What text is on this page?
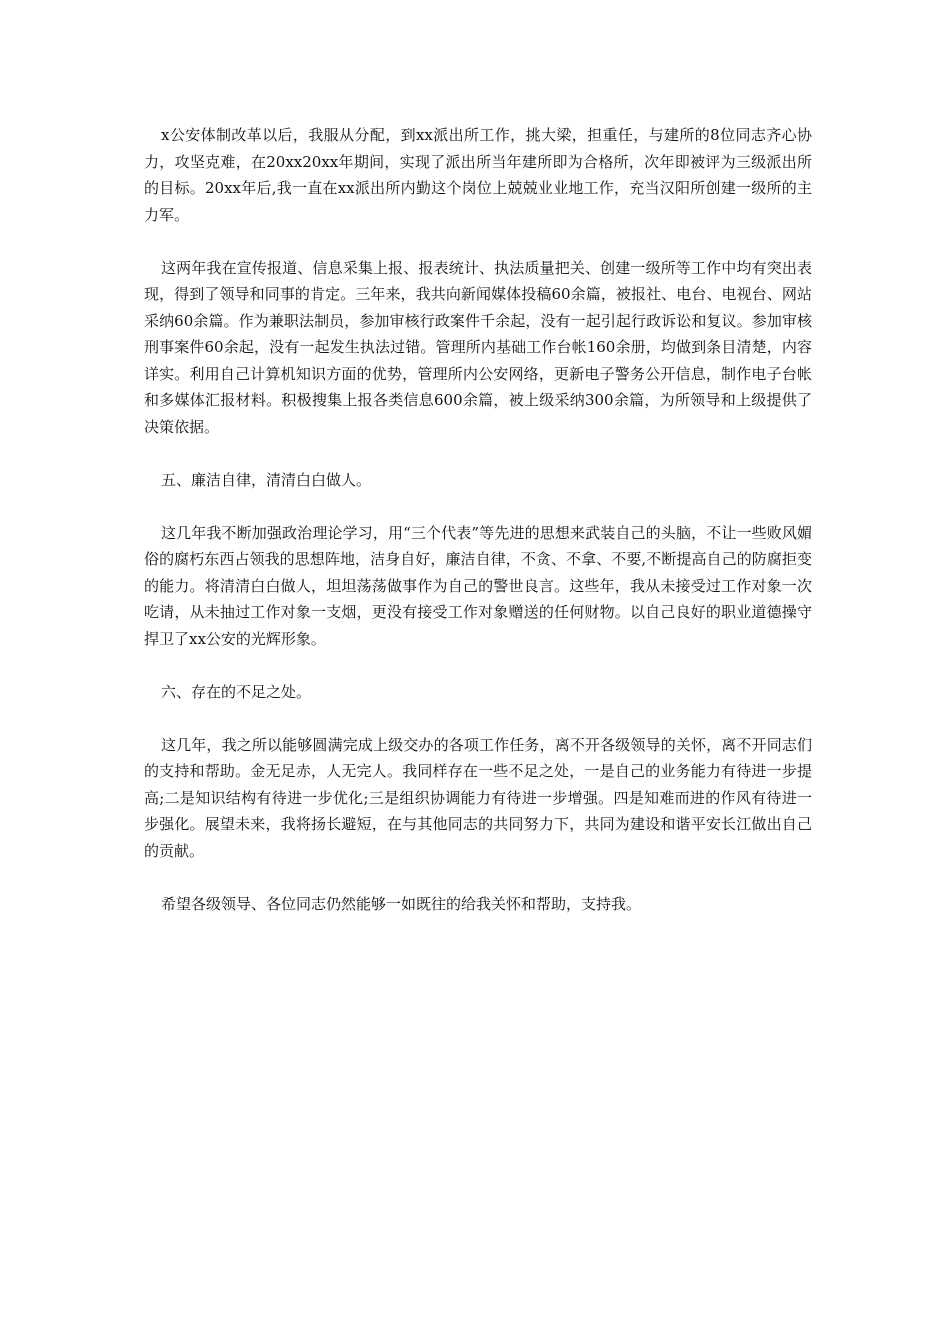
x公安体制改革以后，我服从分配，到xx派出所工作，挑大梁，担重任，与建所的8位同志齐心协力，攻坚克难，在20xx20xx年期间，实现了派出所当年建所即为合格所，次年即被评为三级派出所的目标。20xx年后,我一直在xx派出所内勤这个岗位上兢兢业业地工作，充当汉阳所创建一级所的主力军。

这两年我在宣传报道、信息采集上报、报表统计、执法质量把关、创建一级所等工作中均有突出表现，得到了领导和同事的肯定。三年来，我共向新闻媒体投稿60余篇，被报社、电台、电视台、网站采纳60余篇。作为兼职法制员，参加审核行政案件千余起，没有一起引起行政诉讼和复议。参加审核刑事案件60余起，没有一起发生执法过错。管理所内基础工作台帐160余册，均做到条目清楚，内容详实。利用自己计算机知识方面的优势，管理所内公安网络，更新电子警务公开信息，制作电子台帐和多媒体汇报材料。积极搜集上报各类信息600余篇，被上级采纳300余篇，为所领导和上级提供了决策依据。

五、廉洁自律，清清白白做人。

这几年我不断加强政治理论学习，用“三个代表”等先进的思想来武装自己的头脑，不让一些败风媚俗的腐朽东西占领我的思想阵地，洁身自好，廉洁自律，不贪、不拿、不要,不断提高自己的防腐拒变的能力。将清清白白做人，坦坦荡荡做事作为自己的警世良言。这些年，我从未接受过工作对象一次吃请，从未抽过工作对象一支烟，更没有接受工作对象赠送的任何财物。以自己良好的职业道德操守捍卫了xx公安的光辉形象。

六、存在的不足之处。

这几年，我之所以能够圆满完成上级交办的各项工作任务，离不开各级领导的关怀，离不开同志们的支持和帮助。金无足赤，人无完人。我同样存在一些不足之处，一是自己的业务能力有待进一步提高;二是知识结构有待进一步优化;三是组织协调能力有待进一步增强。四是知难而进的作风有待进一步强化。展望未来，我将扬长避短，在与其他同志的共同努力下，共同为建设和谐平安长江做出自己的贡献。

希望各级领导、各位同志仍然能够一如既往的给我关怀和帮助，支持我。
